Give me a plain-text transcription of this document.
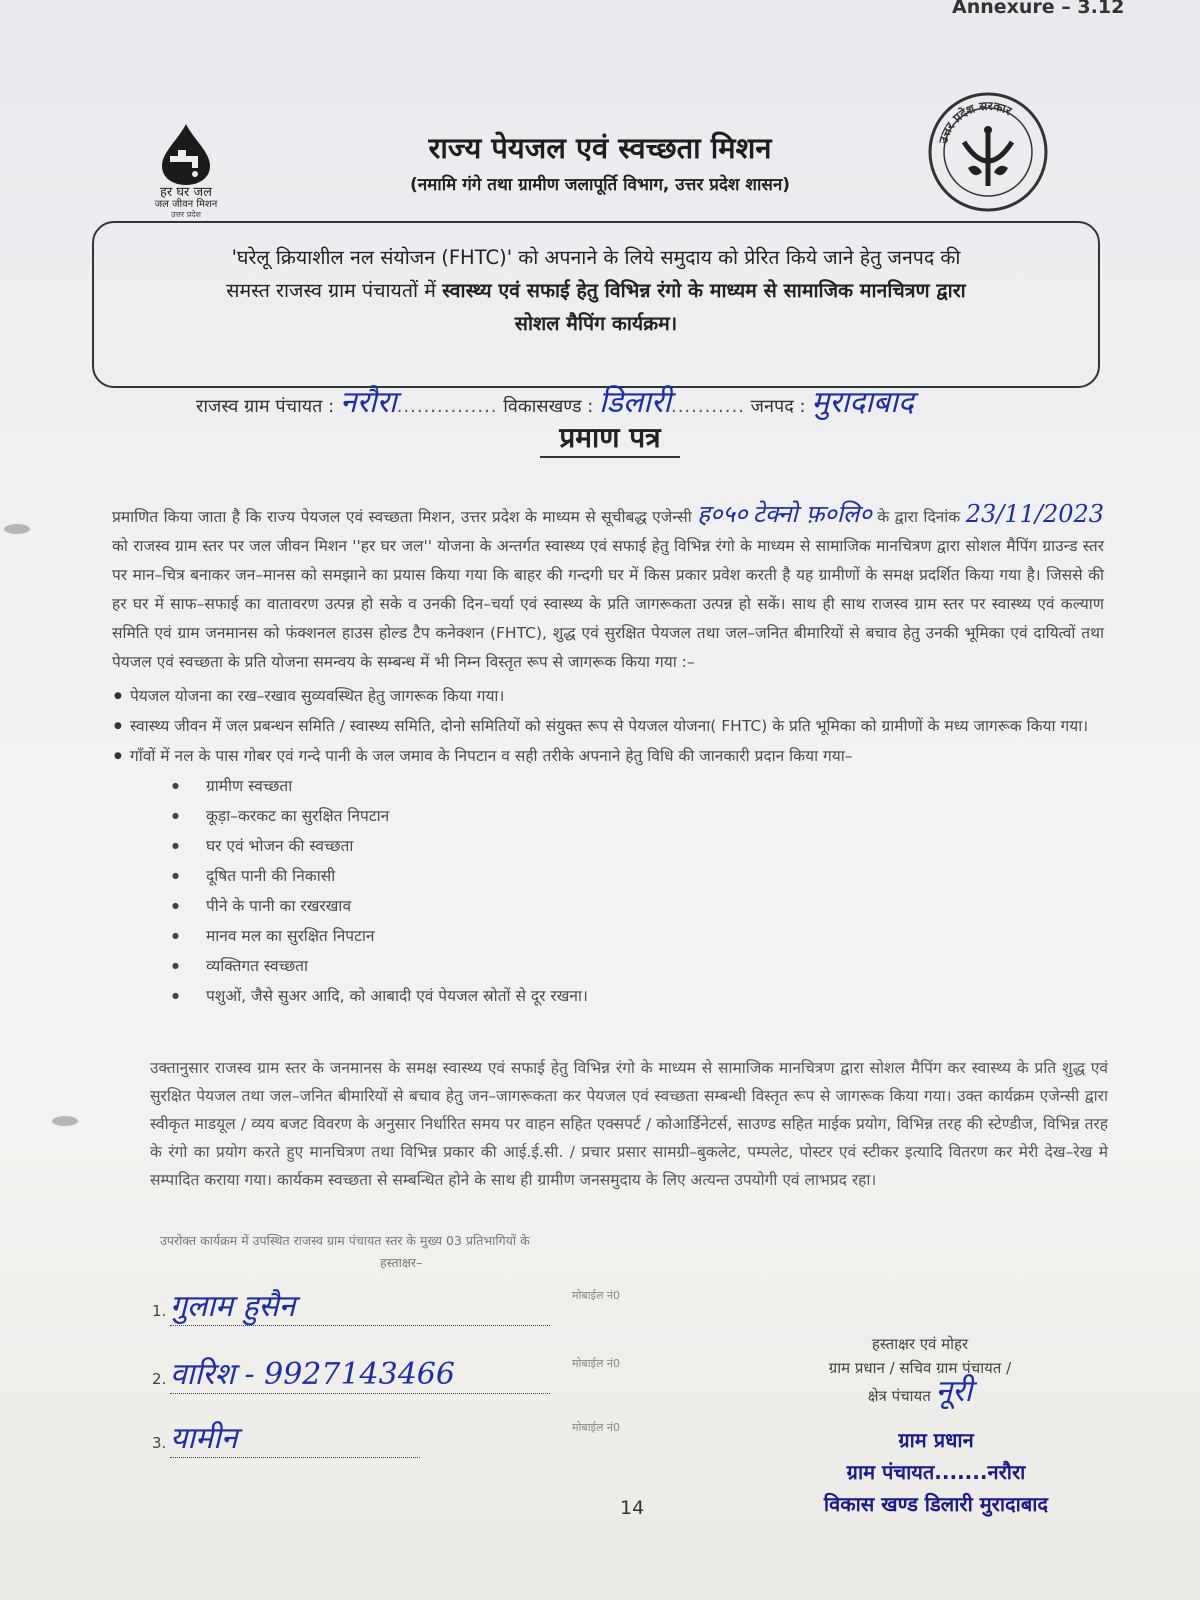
Annexure – 3.12
हर घर जल
जल जीवन मिशन
उत्तर प्रदेश
उत्तर प्रदेश सरकार
राज्य पेयजल एवं स्वच्छता मिशन
(नमामि गंगे तथा ग्रामीण जलापूर्ति विभाग, उत्तर प्रदेश शासन)
'घरेलू क्रियाशील नल संयोजन (FHTC)' को अपनाने के लिये समुदाय को प्रेरित किये जाने हेतु जनपद की
समस्त राजस्व ग्राम पंचायतों में स्वास्थ्य एवं सफाई हेतु विभिन्न रंगो के माध्यम से सामाजिक मानचित्रण द्वारा
सोशल मैपिंग कार्यक्रम।
राजस्व ग्राम पंचायत : नरौरा............... विकासखण्ड : डिलारी........... जनपद : मुरादाबाद
प्रमाण पत्र

प्रमाणित किया जाता है कि राज्य पेयजल एवं स्वच्छता मिशन, उत्तर प्रदेश के माध्यम से सूचीबद्ध एजेन्सी ह०५० टेक्नो फ़०लि० के द्वारा दिनांक 23/11/2023 को राजस्व ग्राम स्तर पर जल जीवन मिशन ''हर घर जल'' योजना के अन्तर्गत स्वास्थ्य एवं सफाई हेतु विभिन्न रंगो के माध्यम से सामाजिक मानचित्रण द्वारा सोशल मैपिंग ग्राउन्ड स्तर पर मान–चित्र बनाकर जन–मानस को समझाने का प्रयास किया गया कि बाहर की गन्दगी घर में किस प्रकार प्रवेश करती है यह ग्रामीणों के समक्ष प्रदर्शित किया गया है। जिससे की हर घर में साफ–सफाई का वातावरण उत्पन्न हो सके व उनकी दिन–चर्या एवं स्वास्थ्य के प्रति जागरूकता उत्पन्न हो सकें। साथ ही साथ राजस्व ग्राम स्तर पर स्वास्थ्य एवं कल्याण समिति एवं ग्राम जनमानस को फंक्शनल हाउस होल्ड टैप कनेक्शन (FHTC), शुद्ध एवं सुरक्षित पेयजल तथा जल–जनित बीमारियों से बचाव हेतु उनकी भूमिका एवं दायित्वों तथा पेयजल एवं स्वच्छता के प्रति योजना समन्वय के सम्बन्ध में भी निम्न विस्तृत रूप से जागरूक किया गया :–

● पेयजल योजना का रख–रखाव सुव्यवस्थित हेतु जागरूक किया गया।
● स्वास्थ्य जीवन में जल प्रबन्धन समिति / स्वास्थ्य समिति, दोनो समितियों को संयुक्त रूप से पेयजल योजना( FHTC) के प्रति भूमिका को ग्रामीणों के मध्य जागरूक किया गया।
● गाँवों में नल के पास गोबर एवं गन्दे पानी के जल जमाव के निपटान व सही तरीके अपनाने हेतु विधि की जानकारी प्रदान किया गया–
● ग्रामीण स्वच्छता
● कूड़ा–करकट का सुरक्षित निपटान
● घर एवं भोजन की स्वच्छता
● दूषित पानी की निकासी
● पीने के पानी का रखरखाव
● मानव मल का सुरक्षित निपटान
● व्यक्तिगत स्वच्छता
● पशुओं, जैसे सुअर आदि, को आबादी एवं पेयजल स्रोतों से दूर रखना।
उक्तानुसार राजस्व ग्राम स्तर के जनमानस के समक्ष स्वास्थ्य एवं सफाई हेतु विभिन्न रंगो के माध्यम से सामाजिक मानचित्रण द्वारा सोशल मैपिंग कर स्वास्थ्य के प्रति शुद्ध एवं सुरक्षित पेयजल तथा जल–जनित बीमारियों से बचाव हेतु जन–जागरूकता कर पेयजल एवं स्वच्छता सम्बन्धी विस्तृत रूप से जागरूक किया गया। उक्त कार्यक्रम एजेन्सी द्वारा स्वीकृत माडयूल / व्यय बजट विवरण के अनुसार निर्धारित समय पर वाहन सहित एक्सपर्ट / कोआर्डिनेटर्स, साउण्ड सहित माईक प्रयोग, विभिन्न तरह की स्टेण्डीज, विभिन्न तरह के रंगो का प्रयोग करते हुए मानचित्रण तथा विभिन्न प्रकार की आई.ई.सी. / प्रचार प्रसार सामग्री–बुकलेट, पम्पलेट, पोस्टर एवं स्टीकर इत्यादि वितरण कर मेरी देख–रेख मे सम्पादित कराया गया। कार्यकम स्वच्छता से सम्बन्धित होने के साथ ही ग्रामीण जनसमुदाय के लिए अत्यन्त उपयोगी एवं लाभप्रद रहा।
उपरोक्त कार्यक्रम में उपस्थित राजस्व ग्राम पंचायत स्तर के मुख्य 03 प्रतिभागियों के
हस्ताक्षर–
1. गुलाम हुसैन	मोबाईल नं0
2. वारिश - 9927143466	मोबाईल नं0
3. यामीन	मोबाईल नं0
हस्ताक्षर एवं मोहर
ग्राम प्रधान / सचिव ग्राम पंचायत /
क्षेत्र पंचायत नूरी
ग्राम प्रधान
ग्राम पंचायत.......नरौरा
विकास खण्ड डिलारी मुरादाबाद
14
